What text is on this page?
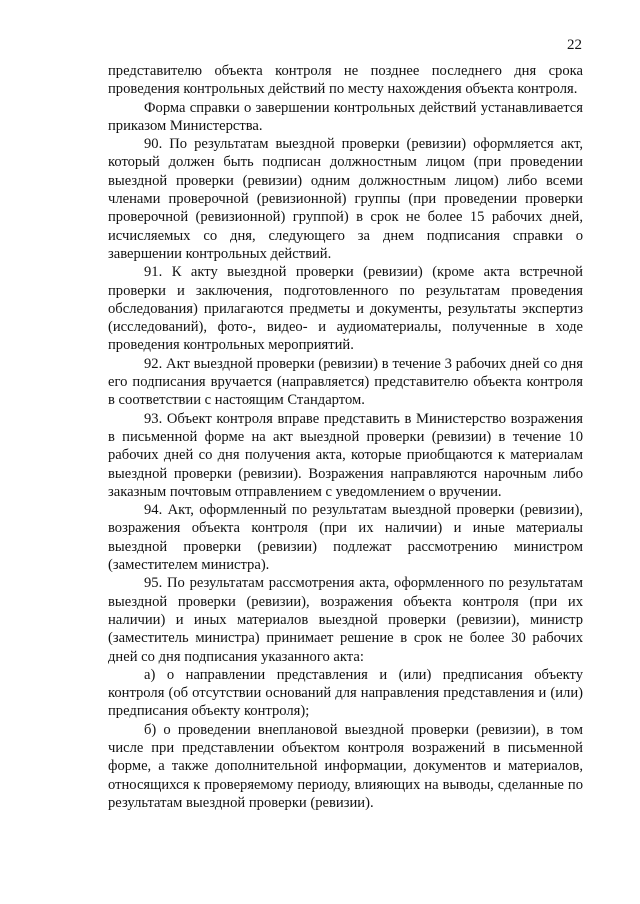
22

представителю объекта контроля не позднее последнего дня срока проведения контрольных действий по месту нахождения объекта контроля.

Форма справки о завершении контрольных действий устанавливается приказом Министерства.

90. По результатам выездной проверки (ревизии) оформляется акт, который должен быть подписан должностным лицом (при проведении выездной проверки (ревизии) одним должностным лицом) либо всеми членами проверочной (ревизионной) группы (при проведении проверки проверочной (ревизионной) группой) в срок не более 15 рабочих дней, исчисляемых со дня, следующего за днем подписания справки о завершении контрольных действий.

91. К акту выездной проверки (ревизии) (кроме акта встречной проверки и заключения, подготовленного по результатам проведения обследования) прилагаются предметы и документы, результаты экспертиз (исследований), фото-, видео- и аудиоматериалы, полученные в ходе проведения контрольных мероприятий.

92. Акт выездной проверки (ревизии) в течение 3 рабочих дней со дня его подписания вручается (направляется) представителю объекта контроля в соответствии с настоящим Стандартом.

93. Объект контроля вправе представить в Министерство возражения в письменной форме на акт выездной проверки (ревизии) в течение 10 рабочих дней со дня получения акта, которые приобщаются к материалам выездной проверки (ревизии). Возражения направляются нарочным либо заказным почтовым отправлением с уведомлением о вручении.

94. Акт, оформленный по результатам выездной проверки (ревизии), возражения объекта контроля (при их наличии) и иные материалы выездной проверки (ревизии) подлежат рассмотрению министром (заместителем министра).

95. По результатам рассмотрения акта, оформленного по результатам выездной проверки (ревизии), возражения объекта контроля (при их наличии) и иных материалов выездной проверки (ревизии), министр (заместитель министра) принимает решение в срок не более 30 рабочих дней со дня подписания указанного акта:

а) о направлении представления и (или) предписания объекту контроля (об отсутствии оснований для направления представления и (или) предписания объекту контроля);

б) о проведении внеплановой выездной проверки (ревизии), в том числе при представлении объектом контроля возражений в письменной форме, а также дополнительной информации, документов и материалов, относящихся к проверяемому периоду, влияющих на выводы, сделанные по результатам выездной проверки (ревизии).
